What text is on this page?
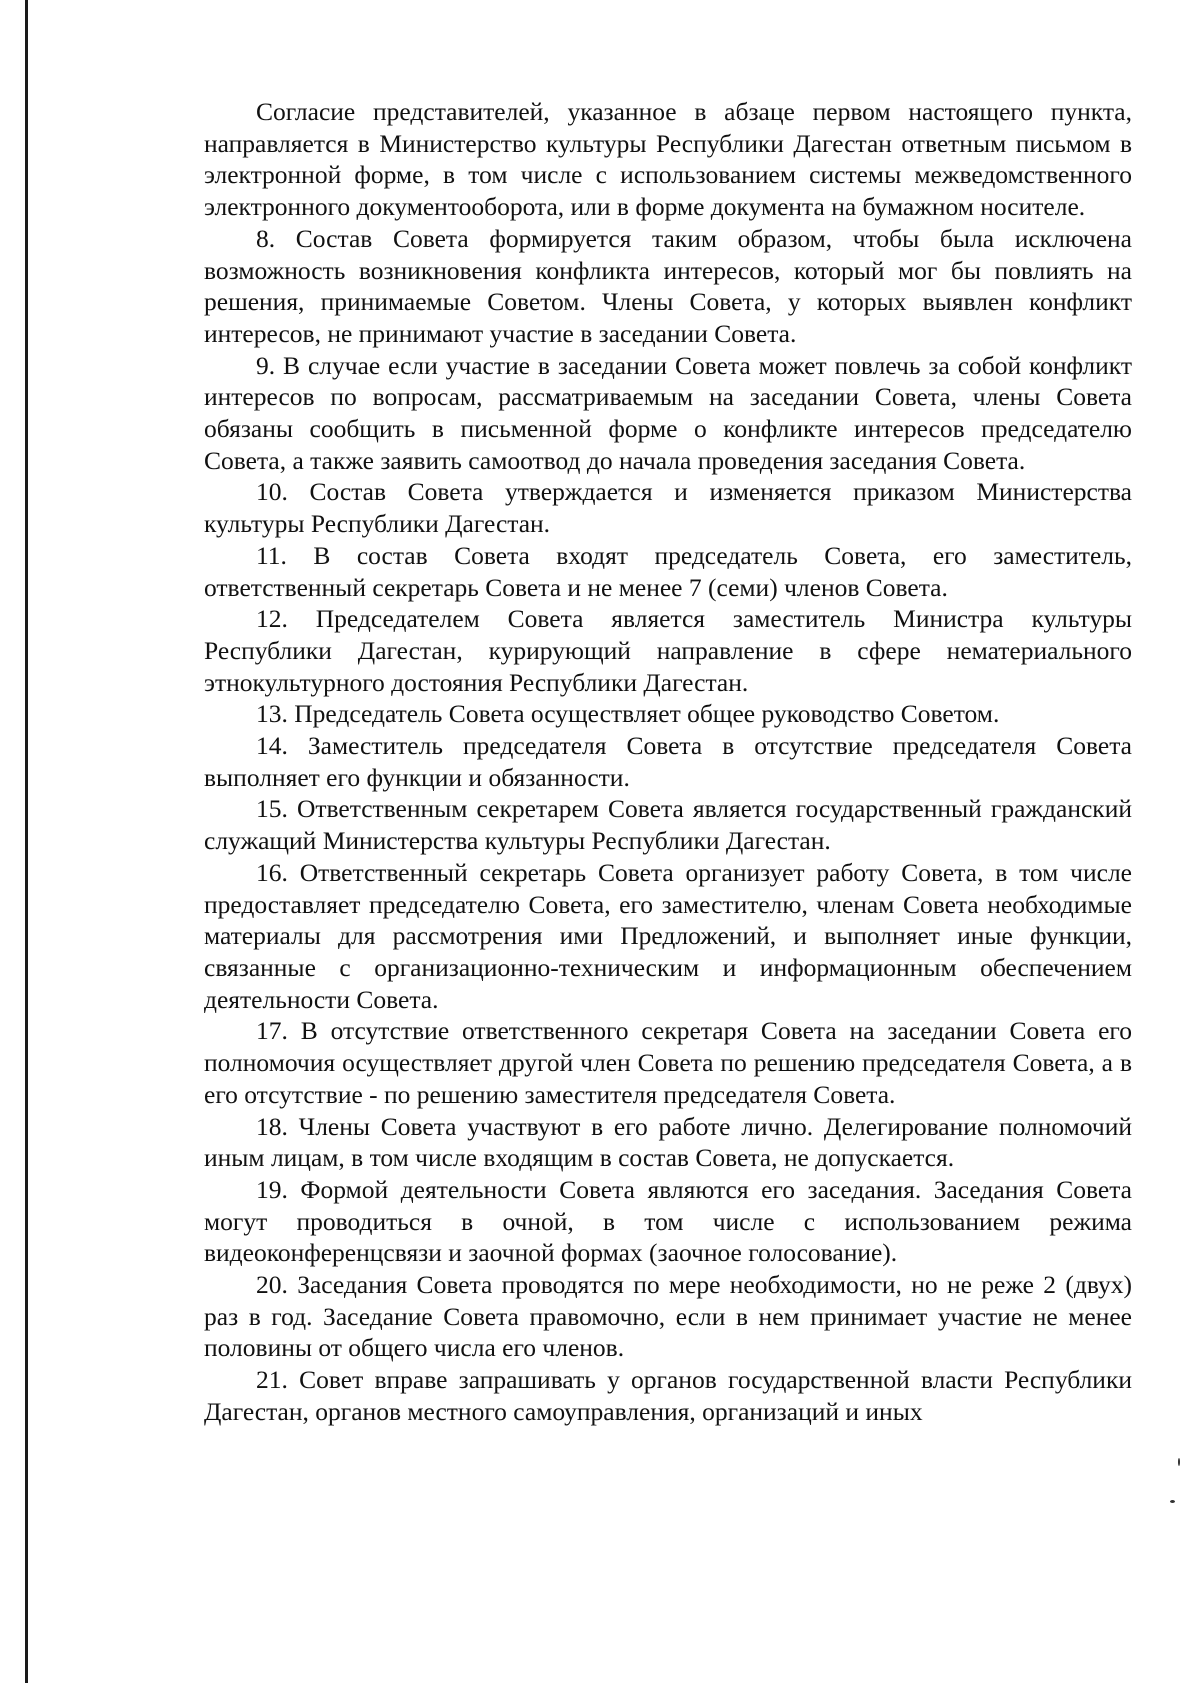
Согласие представителей, указанное в абзаце первом настоящего пункта, направляется в Министерство культуры Республики Дагестан ответным письмом в электронной форме, в том числе с использованием системы межведомственного электронного документооборота, или в форме документа на бумажном носителе.

8. Состав Совета формируется таким образом, чтобы была исключена возможность возникновения конфликта интересов, который мог бы повлиять на решения, принимаемые Советом. Члены Совета, у которых выявлен конфликт интересов, не принимают участие в заседании Совета.

9. В случае если участие в заседании Совета может повлечь за собой конфликт интересов по вопросам, рассматриваемым на заседании Совета, члены Совета обязаны сообщить в письменной форме о конфликте интересов председателю Совета, а также заявить самоотвод до начала проведения заседания Совета.

10. Состав Совета утверждается и изменяется приказом Министерства культуры Республики Дагестан.

11. В состав Совета входят председатель Совета, его заместитель, ответственный секретарь Совета и не менее 7 (семи) членов Совета.

12. Председателем Совета является заместитель Министра культуры Республики Дагестан, курирующий направление в сфере нематериального этнокультурного достояния Республики Дагестан.

13. Председатель Совета осуществляет общее руководство Советом.

14. Заместитель председателя Совета в отсутствие председателя Совета выполняет его функции и обязанности.

15. Ответственным секретарем Совета является государственный гражданский служащий Министерства культуры Республики Дагестан.

16. Ответственный секретарь Совета организует работу Совета, в том числе предоставляет председателю Совета, его заместителю, членам Совета необходимые материалы для рассмотрения ими Предложений, и выполняет иные функции, связанные с организационно-техническим и информационным обеспечением деятельности Совета.

17. В отсутствие ответственного секретаря Совета на заседании Совета его полномочия осуществляет другой член Совета по решению председателя Совета, а в его отсутствие - по решению заместителя председателя Совета.

18. Члены Совета участвуют в его работе лично. Делегирование полномочий иным лицам, в том числе входящим в состав Совета, не допускается.

19. Формой деятельности Совета являются его заседания. Заседания Совета могут проводиться в очной, в том числе с использованием режима видеоконференцсвязи и заочной формах (заочное голосование).

20. Заседания Совета проводятся по мере необходимости, но не реже 2 (двух) раз в год. Заседание Совета правомочно, если в нем принимает участие не менее половины от общего числа его членов.

21. Совет вправе запрашивать у органов государственной власти Республики Дагестан, органов местного самоуправления, организаций и иных
